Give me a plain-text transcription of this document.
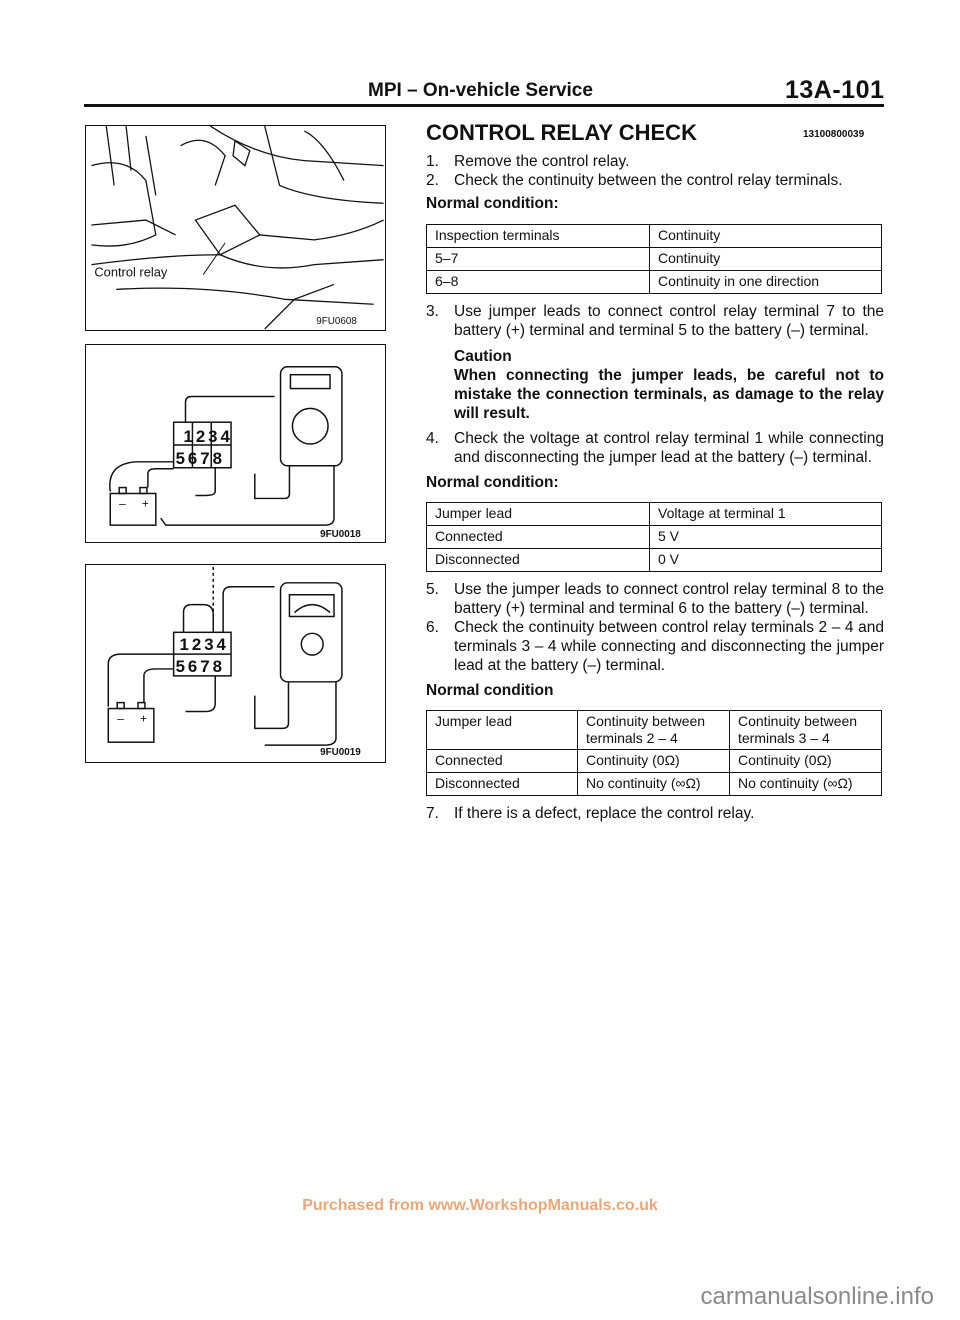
MPI – On-vehicle Service	13A-101
Control relay
9FU0608
1234
5678
– +
9FU0018
1234
5678
– +
9FU0019
CONTROL RELAY CHECK	13100800039
1. Remove the control relay.
2. Check the continuity between the control relay terminals.
Normal condition:
Inspection terminals	Continuity
5–7	Continuity
6–8	Continuity in one direction
3. Use jumper leads to connect control relay terminal 7 to the battery (+) terminal and terminal 5 to the battery (–) terminal.
Caution
When connecting the jumper leads, be careful not to mistake the connection terminals, as damage to the relay will result.
4. Check the voltage at control relay terminal 1 while connecting and disconnecting the jumper lead at the battery (–) terminal.
Normal condition:
Jumper lead	Voltage at terminal 1
Connected	5 V
Disconnected	0 V
5. Use the jumper leads to connect control relay terminal 8 to the battery (+) terminal and terminal 6 to the battery (–) terminal.
6. Check the continuity between control relay terminals 2 – 4 and terminals 3 – 4 while connecting and disconnecting the jumper lead at the battery (–) terminal.
Normal condition
Jumper lead	Continuity between terminals 2 – 4	Continuity between terminals 3 – 4
Connected	Continuity (0Ω)	Continuity (0Ω)
Disconnected	No continuity (∞Ω)	No continuity (∞Ω)
7. If there is a defect, replace the control relay.
Purchased from www.WorkshopManuals.co.uk
carmanualsonline.info
